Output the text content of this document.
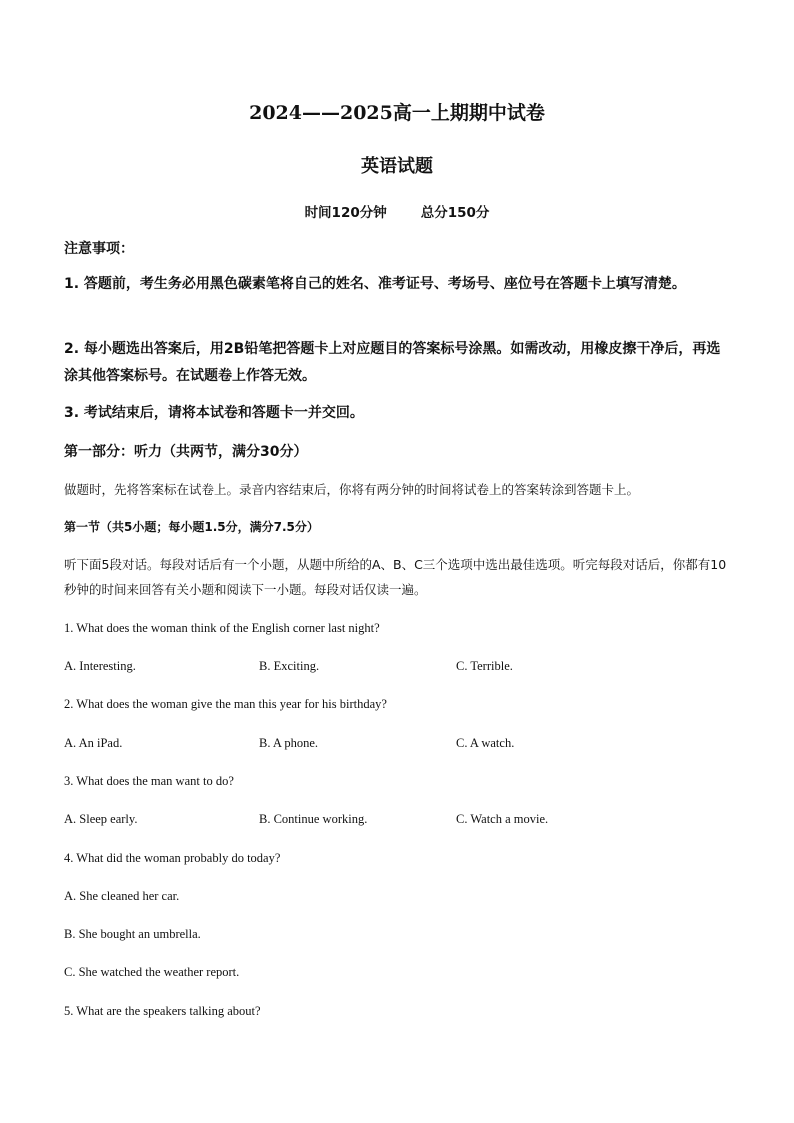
2024——2025高一上期期中试卷
英语试题
时间120分钟	总分150分
注意事项：
1. 答题前，考生务必用黑色碳素笔将自己的姓名、准考证号、考场号、座位号在答题卡上填写清楚。
2. 每小题选出答案后，用2B铅笔把答题卡上对应题目的答案标号涂黑。如需改动，用橡皮擦干净后，再选涂其他答案标号。在试题卷上作答无效。
3. 考试结束后，请将本试卷和答题卡一并交回。
第一部分：听力（共两节，满分30分）
做题时，先将答案标在试卷上。录音内容结束后，你将有两分钟的时间将试卷上的答案转涂到答题卡上。
第一节（共5小题；每小题1.5分，满分7.5分）
听下面5段对话。每段对话后有一个小题，从题中所给的A、B、C三个选项中选出最佳选项。听完每段对话后，你都有10秒钟的时间来回答有关小题和阅读下一小题。每段对话仅读一遍。
1. What does the woman think of the English corner last night?
A. Interesting.	B. Exciting.	C. Terrible.
2. What does the woman give the man this year for his birthday?
A. An iPad.	B. A phone.	C. A watch.
3. What does the man want to do?
A. Sleep early.	B. Continue working.	C. Watch a movie.
4. What did the woman probably do today?
A. She cleaned her car.
B. She bought an umbrella.
C. She watched the weather report.
5. What are the speakers talking about?
